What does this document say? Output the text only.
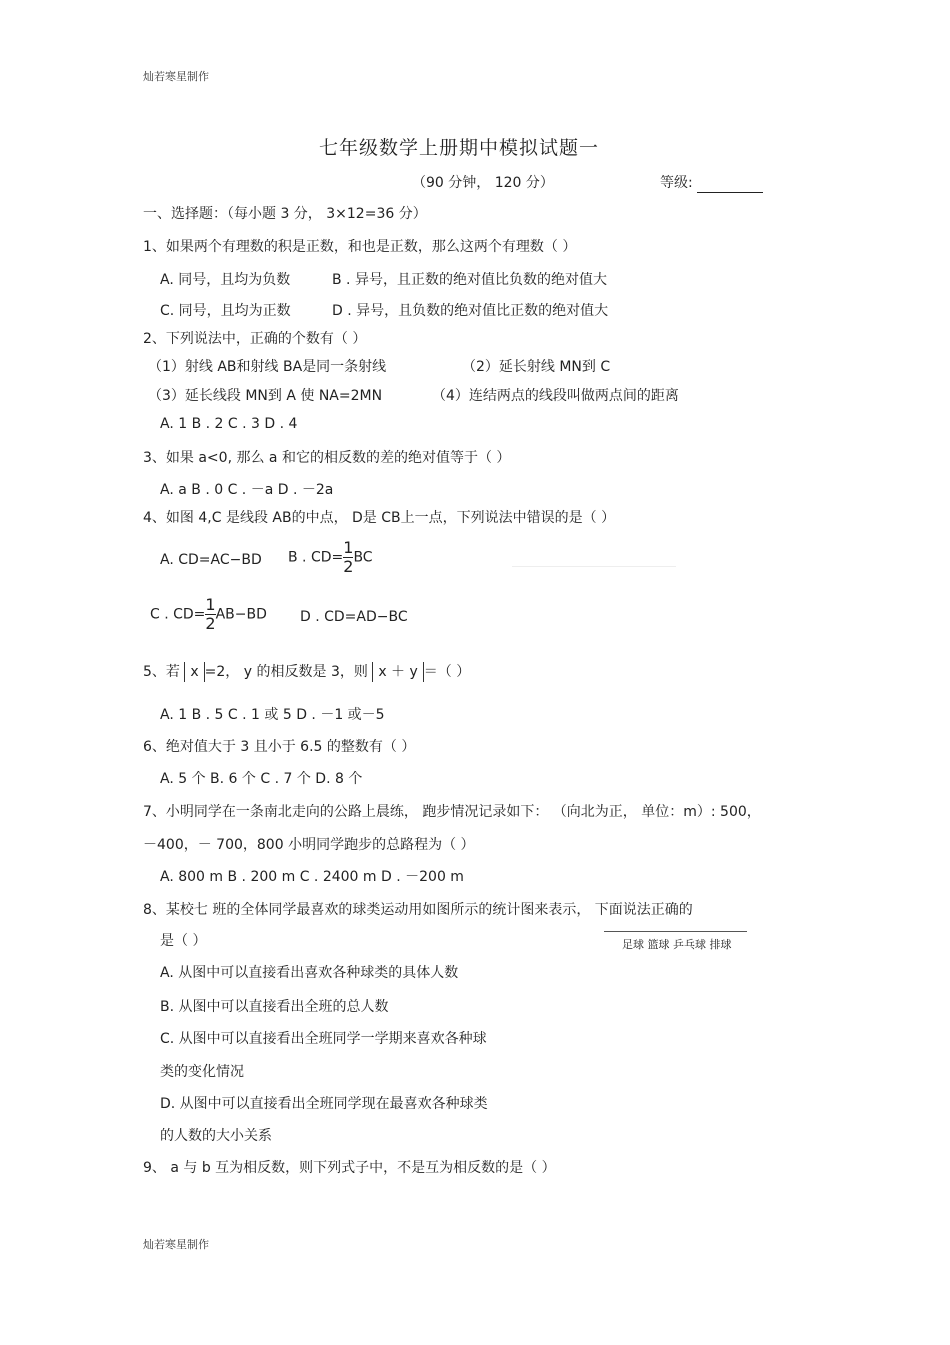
灿若寒星制作
七年级数学上册期中模拟试题一
（90 分钟， 120 分）	等级:
一、选择题：（每小题 3 分， 3×12=36 分）
1、如果两个有理数的积是正数，和也是正数，那么这两个有理数（ ）
A. 同号，且均为负数	B . 异号，且正数的绝对值比负数的绝对值大
C. 同号，且均为正数	D . 异号，且负数的绝对值比正数的绝对值大
2、下列说法中，正确的个数有（ ）
（1）射线 AB和射线 BA是同一条射线	（2）延长射线 MN到 C
（3）延长线段 MN到 A 使 NA=2MN	（4）连结两点的线段叫做两点间的距离
A. 1 B . 2 C . 3 D . 4
3、如果 a<0, 那么 a 和它的相反数的差的绝对值等于（ ）
A. a B . 0 C . －a D . －2a
4、如图 4,C 是线段 AB的中点， D是 CB上一点，下列说法中错误的是（ ）
A. CD=AC−BD B . $CD= \frac{1}{2}$ BC
C . $CD= \frac{1}{2} AB-BD$ D . CD=AD−BC
5、若 x =2， y 的相反数是 3，则 x ＋ y ＝（ ）
A. 1 B . 5 C . 1 或 5 D . －1 或－5
6、绝对值大于 3 且小于 6.5 的整数有（ ）
A. 5 个 B. 6 个 C . 7 个 D. 8 个
7、小明同学在一条南北走向的公路上晨练， 跑步情况记录如下： （向北为正， 单位：m）: 500，
－400，－ 700，800 小明同学跑步的总路程为（ ）
A. 800 m B . 200 m C . 2400 m D . －200 m
8、某校七 班的全体同学最喜欢的球类运动用如图所示的统计图来表示， 下面说法正确的
是（ ）	足球 篮球 乒乓球 排球
A. 从图中可以直接看出喜欢各种球类的具体人数
B. 从图中可以直接看出全班的总人数
C. 从图中可以直接看出全班同学一学期来喜欢各种球
类的变化情况
D. 从图中可以直接看出全班同学现在最喜欢各种球类
的人数的大小关系
9、 a 与 b 互为相反数，则下列式子中，不是互为相反数的是（ ）
灿若寒星制作
